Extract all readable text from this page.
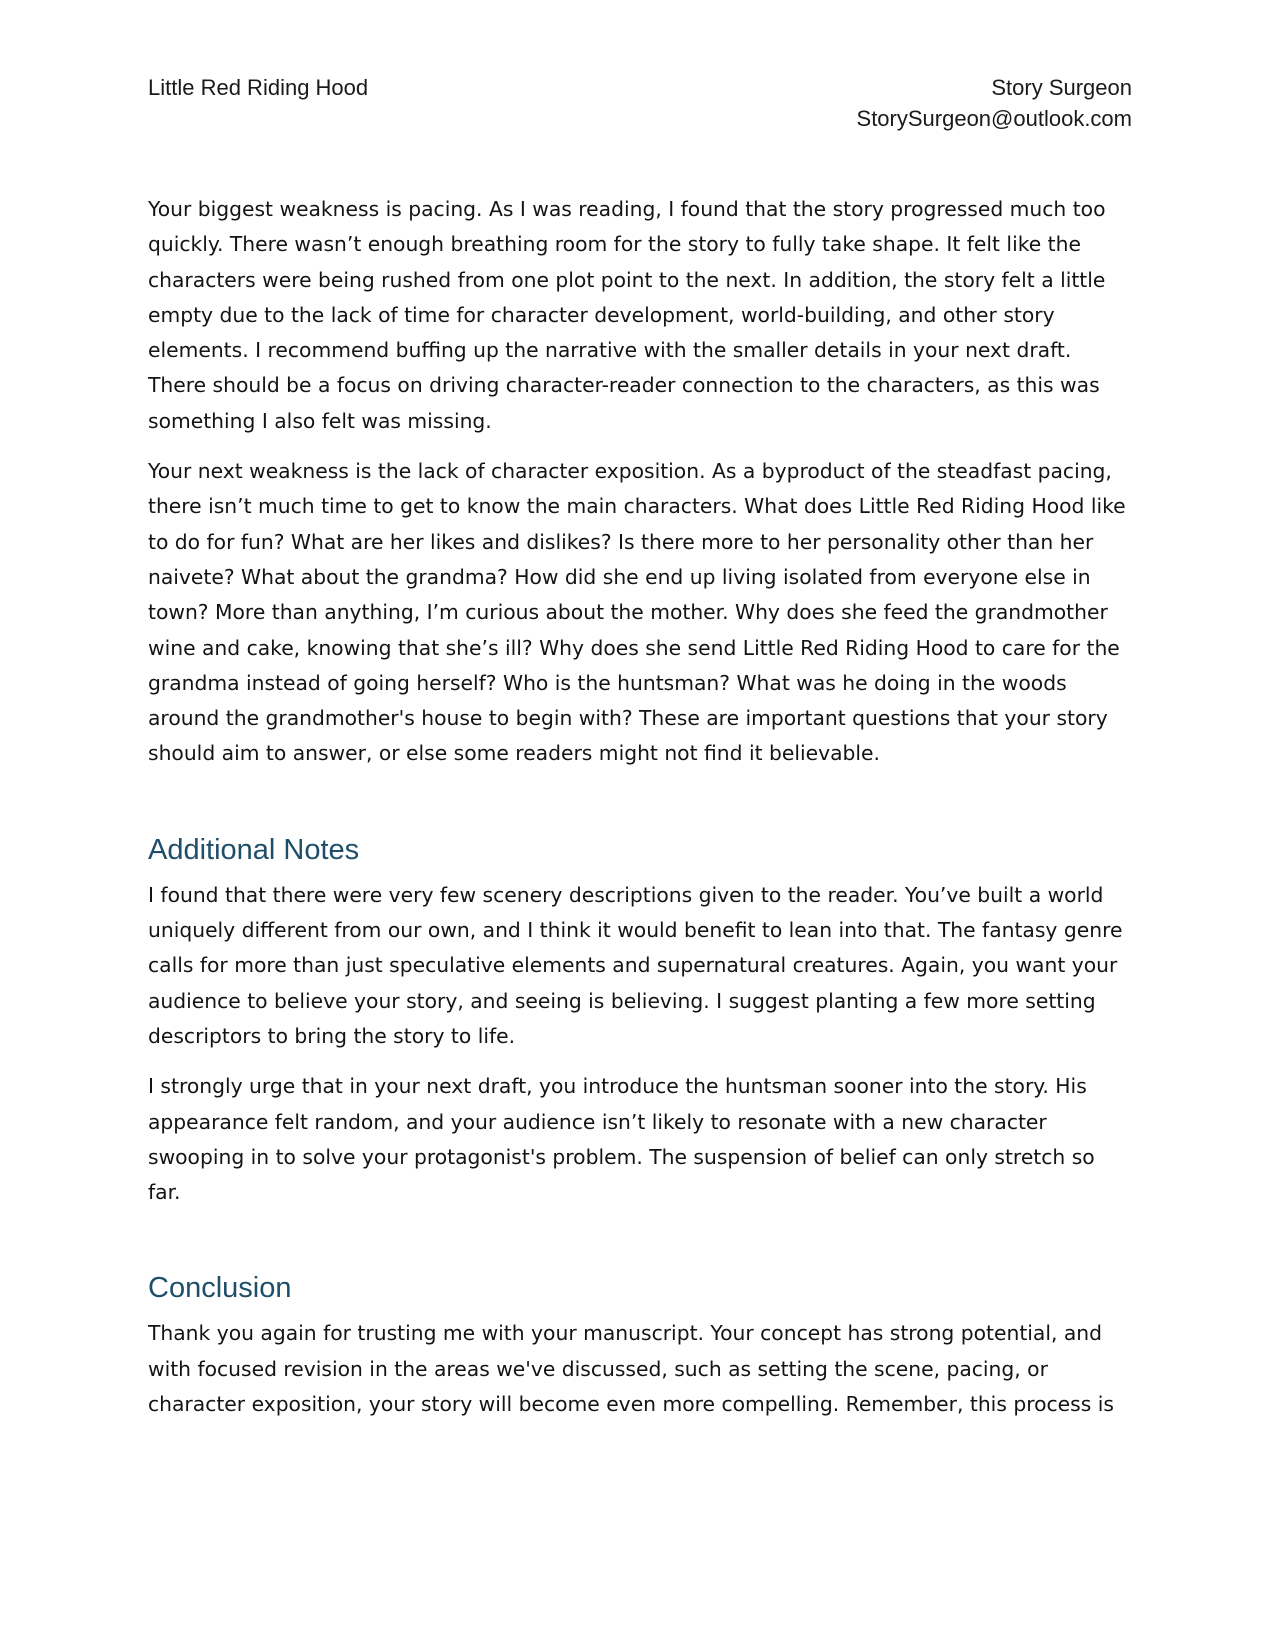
Little Red Riding Hood	Story Surgeon
StorySurgeon@outlook.com

Your biggest weakness is pacing. As I was reading, I found that the story progressed much too quickly. There wasn’t enough breathing room for the story to fully take shape. It felt like the characters were being rushed from one plot point to the next. In addition, the story felt a little empty due to the lack of time for character development, world-building, and other story elements. I recommend buffing up the narrative with the smaller details in your next draft. There should be a focus on driving character-reader connection to the characters, as this was something I also felt was missing.

Your next weakness is the lack of character exposition. As a byproduct of the steadfast pacing, there isn’t much time to get to know the main characters. What does Little Red Riding Hood like to do for fun? What are her likes and dislikes? Is there more to her personality other than her naivete? What about the grandma? How did she end up living isolated from everyone else in town? More than anything, I’m curious about the mother. Why does she feed the grandmother wine and cake, knowing that she’s ill? Why does she send Little Red Riding Hood to care for the grandma instead of going herself? Who is the huntsman? What was he doing in the woods around the grandmother's house to begin with? These are important questions that your story should aim to answer, or else some readers might not find it believable.

Additional Notes

I found that there were very few scenery descriptions given to the reader. You’ve built a world uniquely different from our own, and I think it would benefit to lean into that. The fantasy genre calls for more than just speculative elements and supernatural creatures. Again, you want your audience to believe your story, and seeing is believing. I suggest planting a few more setting descriptors to bring the story to life.

I strongly urge that in your next draft, you introduce the huntsman sooner into the story. His appearance felt random, and your audience isn’t likely to resonate with a new character swooping in to solve your protagonist's problem. The suspension of belief can only stretch so far.

Conclusion

Thank you again for trusting me with your manuscript. Your concept has strong potential, and with focused revision in the areas we've discussed, such as setting the scene, pacing, or character exposition, your story will become even more compelling. Remember, this process is
